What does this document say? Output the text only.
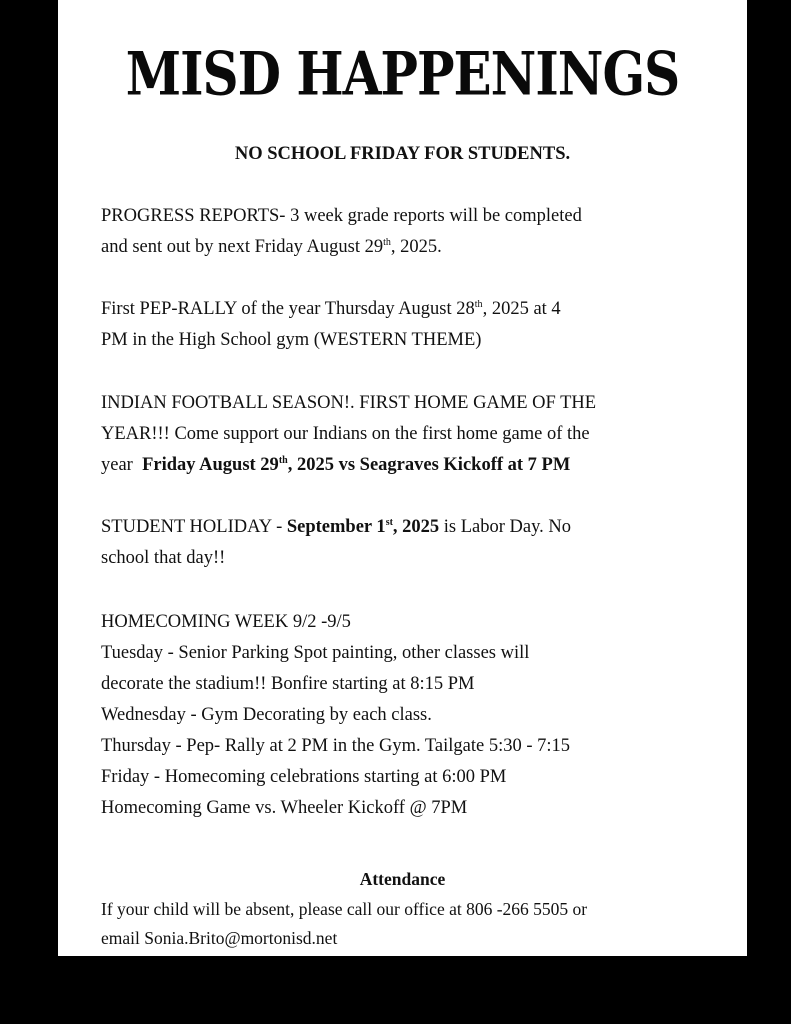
MISD HAPPENINGS
NO SCHOOL FRIDAY FOR STUDENTS.
PROGRESS REPORTS- 3 week grade reports will be completed
and sent out by next Friday August 29th, 2025.
First PEP-RALLY of the year Thursday August 28th, 2025 at 4
PM in the High School gym (WESTERN THEME)
INDIAN FOOTBALL SEASON!. FIRST HOME GAME OF THE
YEAR!!! Come support our Indians on the first home game of the
year  Friday August 29th, 2025 vs Seagraves Kickoff at 7 PM
STUDENT HOLIDAY - September 1st, 2025 is Labor Day. No
school that day!!
HOMECOMING WEEK 9/2 -9/5
Tuesday - Senior Parking Spot painting, other classes will
decorate the stadium!! Bonfire starting at 8:15 PM
Wednesday - Gym Decorating by each class.
Thursday - Pep- Rally at 2 PM in the Gym. Tailgate 5:30 - 7:15
Friday - Homecoming celebrations starting at 6:00 PM
Homecoming Game vs. Wheeler Kickoff @ 7PM
Attendance
If your child will be absent, please call our office at 806 -266 5505 or
email Sonia.Brito@mortonisd.net
